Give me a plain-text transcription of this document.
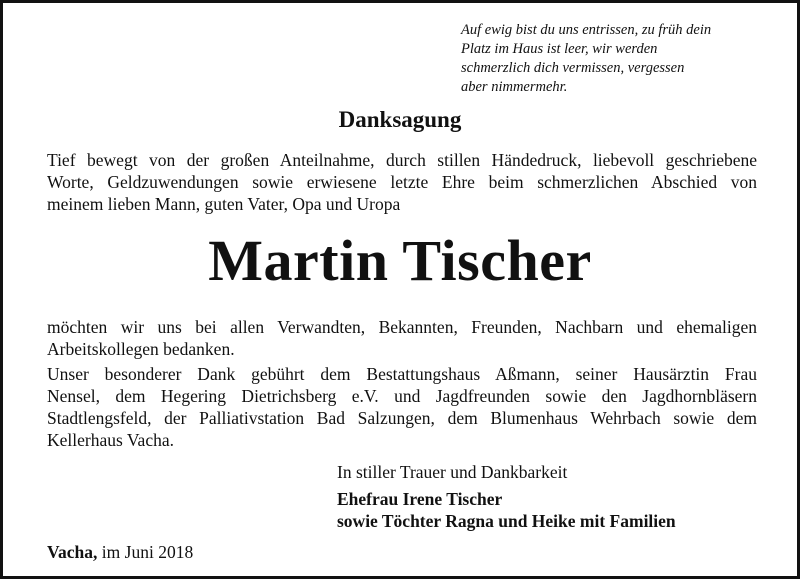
Auf ewig bist du uns entrissen, zu früh dein
Platz im Haus ist leer, wir werden
schmerzlich dich vermissen, vergessen
aber nimmermehr.
Danksagung
Tief bewegt von der großen Anteilnahme, durch stillen Händedruck, liebevoll geschriebene
Worte, Geldzuwendungen sowie erwiesene letzte Ehre beim schmerzlichen Abschied von
meinem lieben Mann, guten Vater, Opa und Uropa
Martin Tischer
möchten wir uns bei allen Verwandten, Bekannten, Freunden, Nachbarn und ehemaligen
Arbeitskollegen bedanken.
Unser besonderer Dank gebührt dem Bestattungshaus Aßmann, seiner Hausärztin Frau
Nensel, dem Hegering Dietrichsberg e.V. und Jagdfreunden sowie den Jagdhornbläsern
Stadtlengsfeld, der Palliativstation Bad Salzungen, dem Blumenhaus Wehrbach sowie dem
Kellerhaus Vacha.
In stiller Trauer und Dankbarkeit
Ehefrau Irene Tischer
sowie Töchter Ragna und Heike mit Familien
Vacha, im Juni 2018
